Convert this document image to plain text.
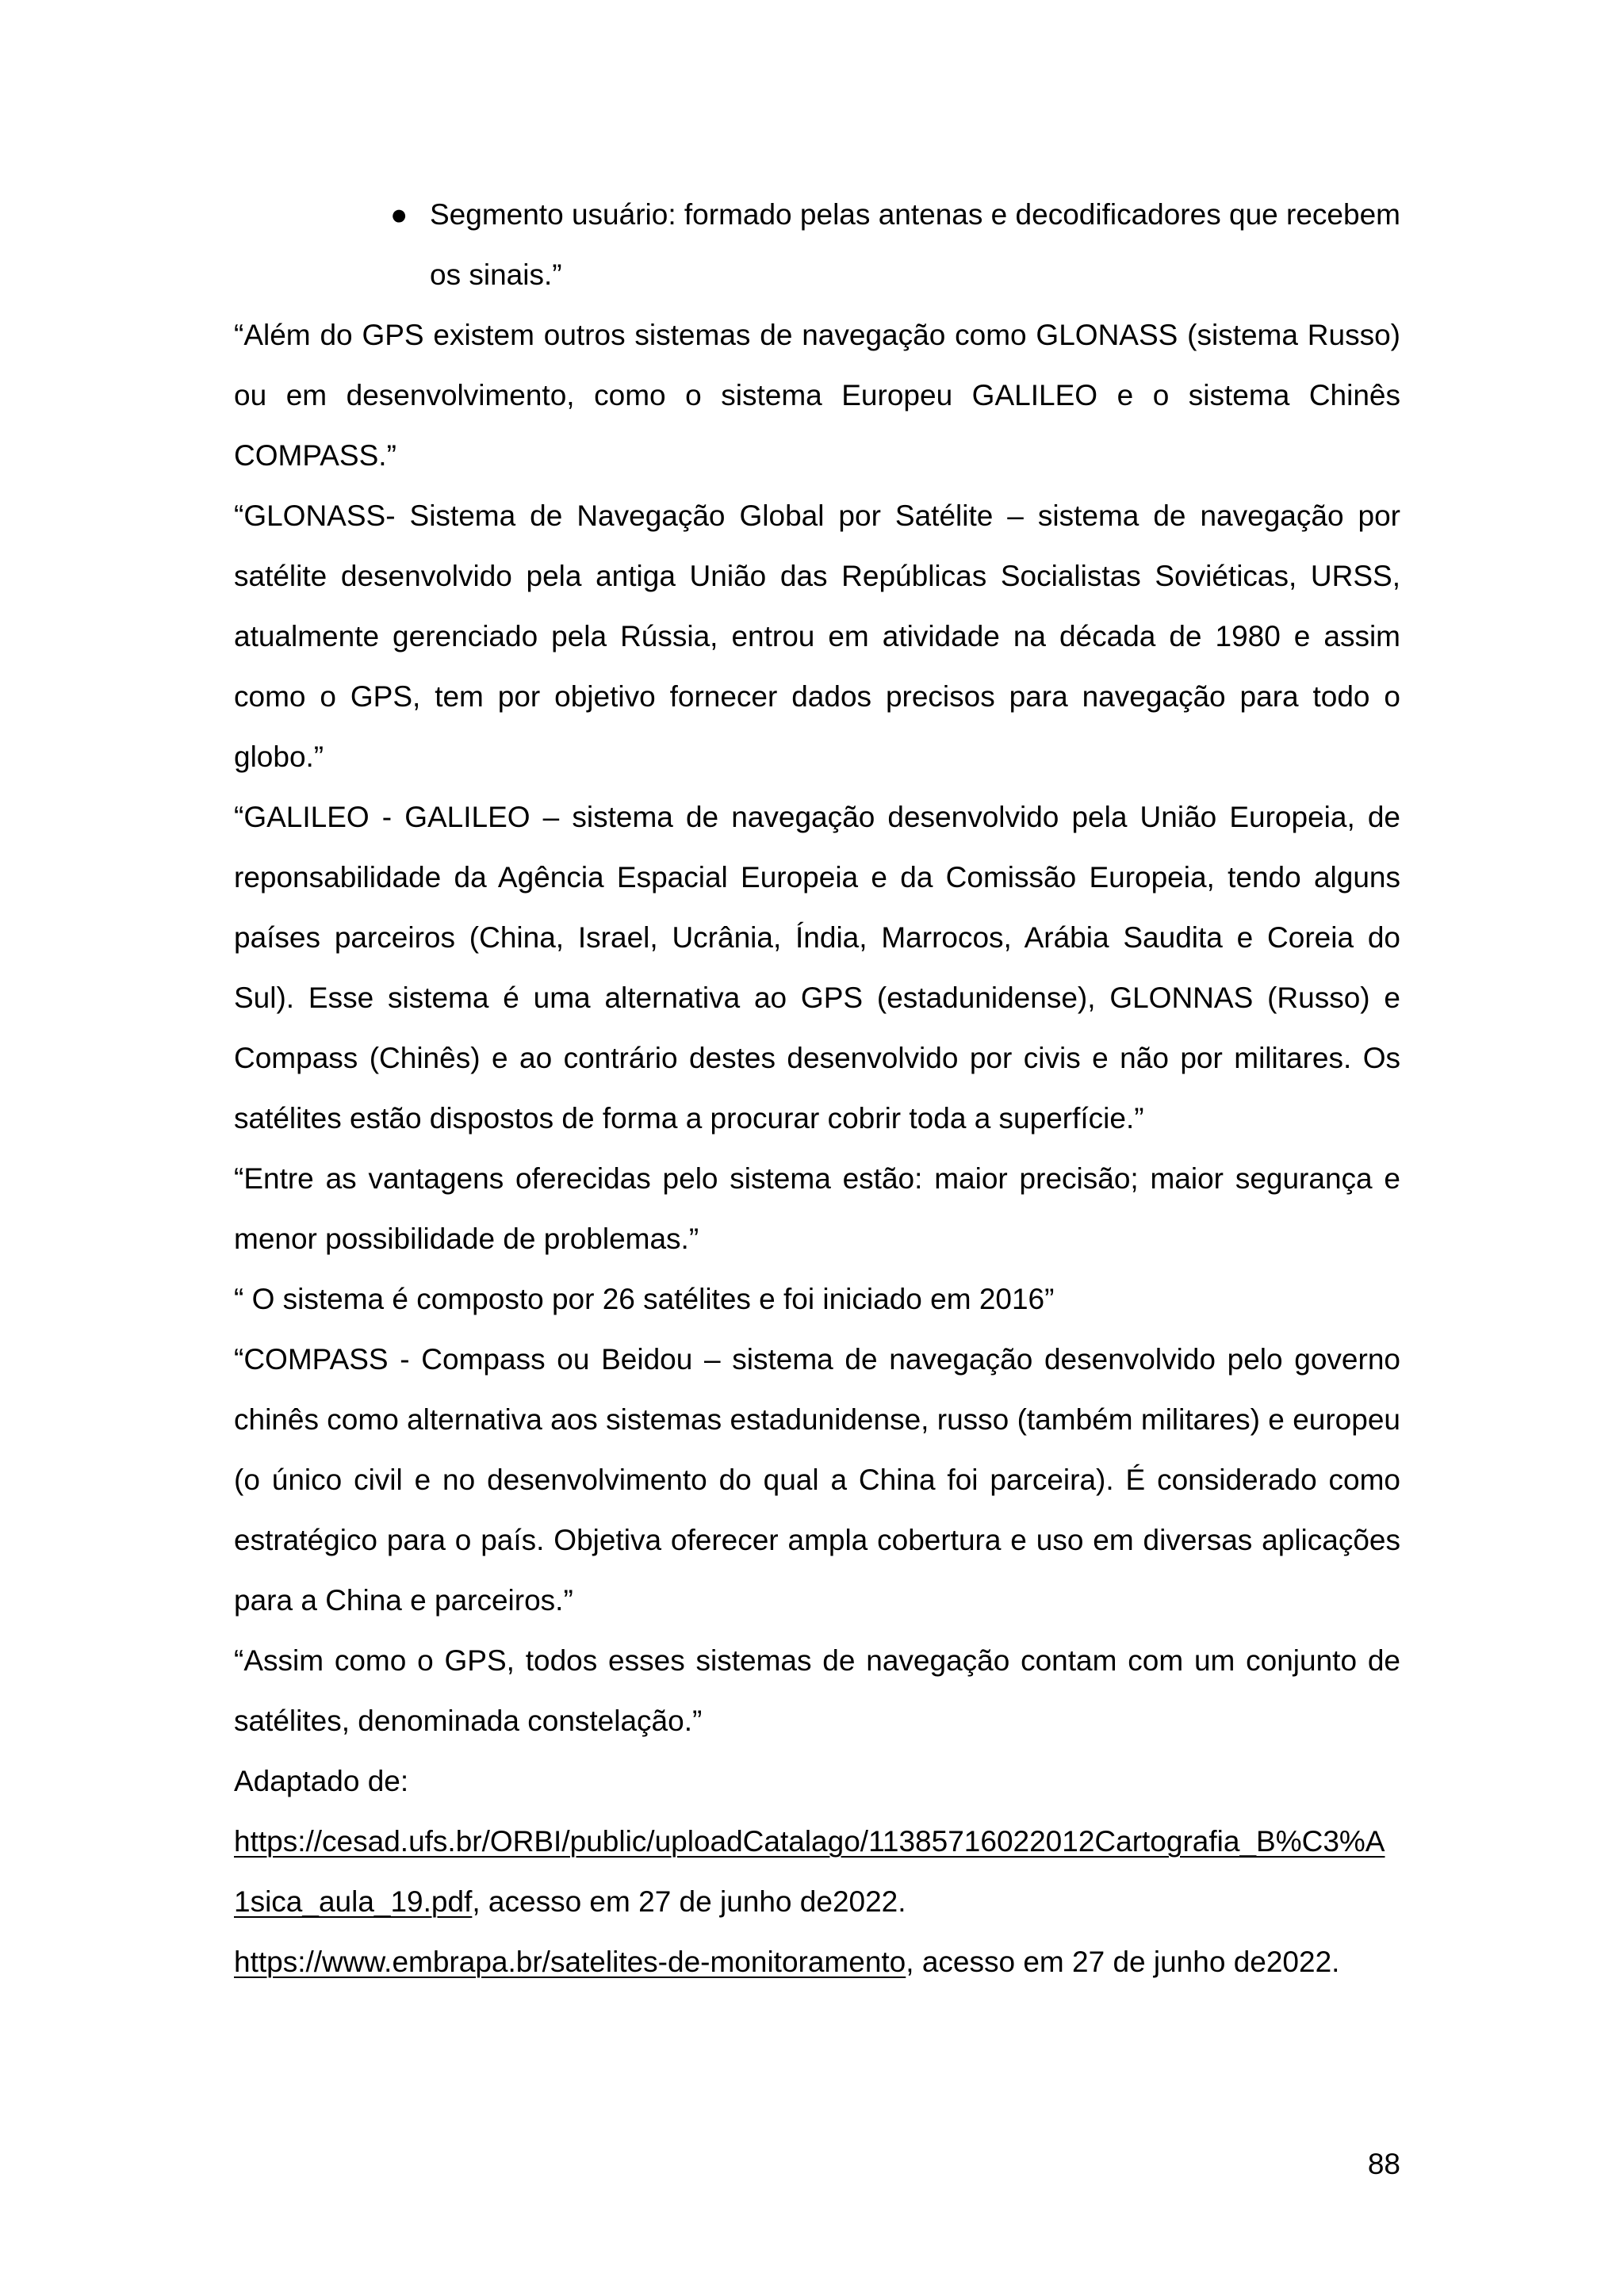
● Segmento usuário: formado pelas antenas e decodificadores que recebem os sinais.”

“Além do GPS existem outros sistemas de navegação como GLONASS (sistema Russo) ou em desenvolvimento, como o sistema Europeu GALILEO e o sistema Chinês COMPASS.”

“GLONASS- Sistema de Navegação Global por Satélite – sistema de navegação por satélite desenvolvido pela antiga União das Repúblicas Socialistas Soviéticas, URSS, atualmente gerenciado pela Rússia, entrou em atividade na década de 1980 e assim como o GPS, tem por objetivo fornecer dados precisos para navegação para todo o globo.”

“GALILEO - GALILEO – sistema de navegação desenvolvido pela União Europeia, de reponsabilidade da Agência Espacial Europeia e da Comissão Europeia, tendo alguns países parceiros (China, Israel, Ucrânia, Índia, Marrocos, Arábia Saudita e Coreia do Sul). Esse sistema é uma alternativa ao GPS (estadunidense), GLONNAS (Russo) e Compass (Chinês) e ao contrário destes desenvolvido por civis e não por militares. Os satélites estão dispostos de forma a procurar cobrir toda a superfície.”

“Entre as vantagens oferecidas pelo sistema estão: maior precisão; maior segurança e menor possibilidade de problemas.”

“ O sistema é composto por 26 satélites e foi iniciado em 2016”

“COMPASS - Compass ou Beidou – sistema de navegação desenvolvido pelo governo chinês como alternativa aos sistemas estadunidense, russo (também militares) e europeu (o único civil e no desenvolvimento do qual a China foi parceira). É considerado como estratégico para o país. Objetiva oferecer ampla cobertura e uso em diversas aplicações para a China e parceiros.”

“Assim como o GPS, todos esses sistemas de navegação contam com um conjunto de satélites, denominada constelação.”

Adaptado de:

https://cesad.ufs.br/ORBI/public/uploadCatalago/11385716022012Cartografia_B%C3%A1sica_aula_19.pdf, acesso em 27 de junho de2022.

https://www.embrapa.br/satelites-de-monitoramento, acesso em 27 de junho de2022.

88
